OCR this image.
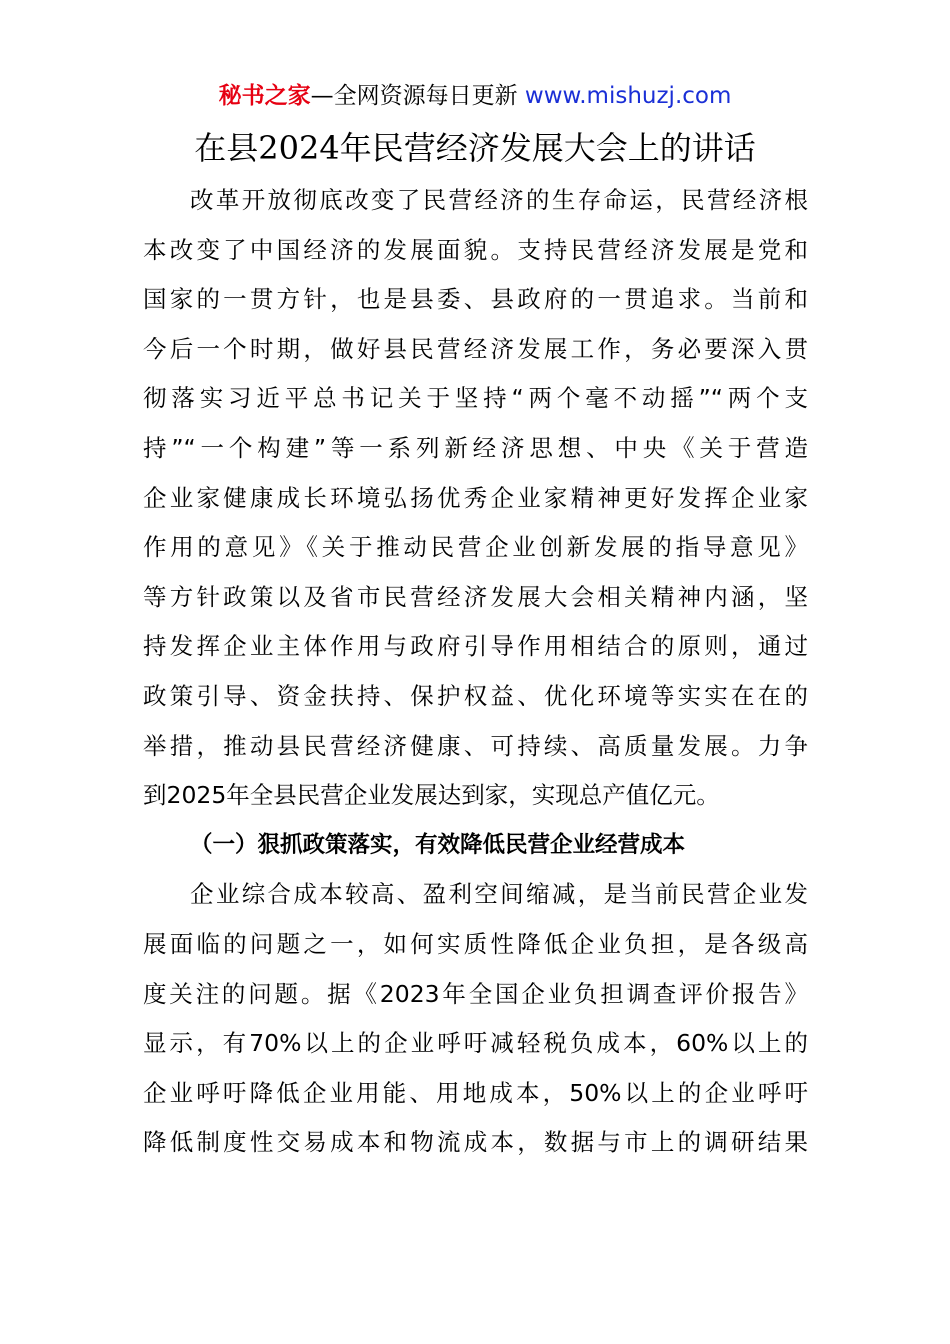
秘书之家—全网资源每日更新 www.mishuzj.com
在县2024年民营经济发展大会上的讲话
改革开放彻底改变了民营经济的生存命运，民营经济根
本改变了中国经济的发展面貌。支持民营经济发展是党和
国家的一贯方针，也是县委、县政府的一贯追求。当前和
今后一个时期，做好县民营经济发展工作，务必要深入贯
彻落实习近平总书记关于坚持“两个毫不动摇”“两个支
持”“一个构建”等一系列新经济思想、中央《关于营造
企业家健康成长环境弘扬优秀企业家精神更好发挥企业家
作用的意见》《关于推动民营企业创新发展的指导意见》
等方针政策以及省市民营经济发展大会相关精神内涵，坚
持发挥企业主体作用与政府引导作用相结合的原则，通过
政策引导、资金扶持、保护权益、优化环境等实实在在的
举措，推动县民营经济健康、可持续、高质量发展。力争
到2025年全县民营企业发展达到家，实现总产值亿元。
（一）狠抓政策落实，有效降低民营企业经营成本
企业综合成本较高、盈利空间缩减，是当前民营企业发
展面临的问题之一，如何实质性降低企业负担，是各级高
度关注的问题。据《2023年全国企业负担调查评价报告》
显示，有70%以上的企业呼吁减轻税负成本，60%以上的
企业呼吁降低企业用能、用地成本，50%以上的企业呼吁
降低制度性交易成本和物流成本，数据与市上的调研结果
